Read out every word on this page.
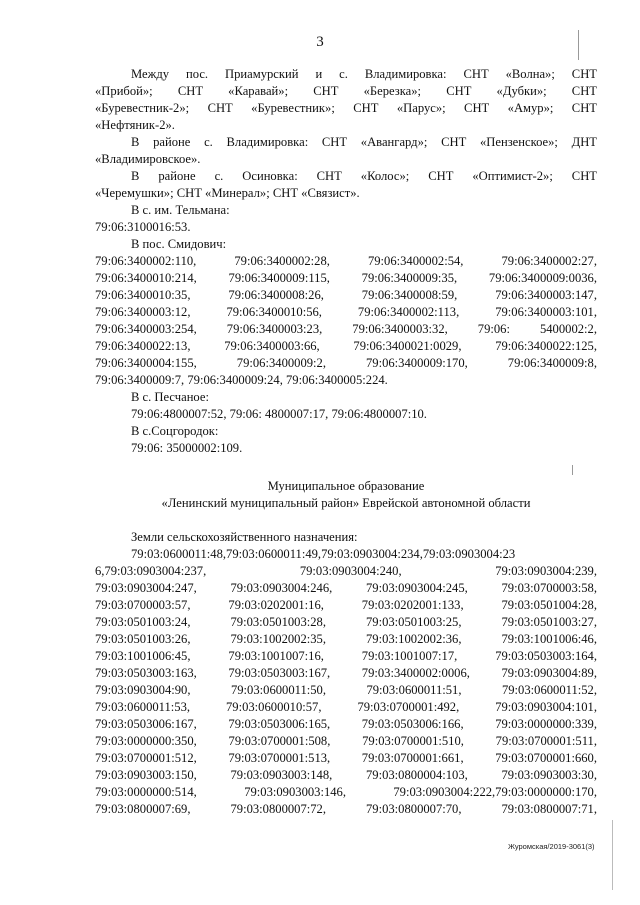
3
Между пос. Приамурский и с. Владимировка: СНТ «Волна»; СНТ
«Прибой»; СНТ «Каравай»; СНТ «Березка»; СНТ «Дубки»; СНТ
«Буревестник-2»; СНТ «Буревестник»; СНТ «Парус»; СНТ «Амур»; СНТ
«Нефтяник-2».
В районе с. Владимировка: СНТ «Авангард»; СНТ «Пензенское»; ДНТ
«Владимировское».
В районе с. Осиновка: СНТ «Колос»; СНТ «Оптимист-2»; СНТ
«Черемушки»; СНТ «Минерал»; СНТ «Связист».
В с. им. Тельмана:
79:06:3100016:53.
В пос. Смидович:
79:06:3400002:110, 79:06:3400002:28, 79:06:3400002:54, 79:06:3400002:27,
79:06:3400010:214, 79:06:3400009:115, 79:06:3400009:35, 79:06:3400009:0036,
79:06:3400010:35, 79:06:3400008:26, 79:06:3400008:59, 79:06:3400003:147,
79:06:3400003:12, 79:06:3400010:56, 79:06:3400002:113, 79:06:3400003:101,
79:06:3400003:254, 79:06:3400003:23, 79:06:3400003:32, 79:06: 5400002:2,
79:06:3400022:13, 79:06:3400003:66, 79:06:3400021:0029, 79:06:3400022:125,
79:06:3400004:155, 79:06:3400009:2, 79:06:3400009:170, 79:06:3400009:8,
79:06:3400009:7, 79:06:3400009:24, 79:06:3400005:224.
В с. Песчаное:
79:06:4800007:52, 79:06: 4800007:17, 79:06:4800007:10.
В с.Соцгородок:
79:06: 35000002:109.
Муниципальное образование
«Ленинский муниципальный район» Еврейской автономной области
Земли сельскохозяйственного назначения:
79:03:0600011:48,79:03:0600011:49,79:03:0903004:234,79:03:0903004:23
6,79:03:0903004:237, 79:03:0903004:240, 79:03:0903004:239,
79:03:0903004:247, 79:03:0903004:246, 79:03:0903004:245, 79:03:0700003:58,
79:03:0700003:57, 79:03:0202001:16, 79:03:0202001:133, 79:03:0501004:28,
79:03:0501003:24, 79:03:0501003:28, 79:03:0501003:25, 79:03:0501003:27,
79:03:0501003:26, 79:03:1002002:35, 79:03:1002002:36, 79:03:1001006:46,
79:03:1001006:45, 79:03:1001007:16, 79:03:1001007:17, 79:03:0503003:164,
79:03:0503003:163, 79:03:0503003:167, 79:03:3400002:0006, 79:03:0903004:89,
79:03:0903004:90, 79:03:0600011:50, 79:03:0600011:51, 79:03:0600011:52,
79:03:0600011:53, 79:03:0600010:57, 79:03:0700001:492, 79:03:0903004:101,
79:03:0503006:167, 79:03:0503006:165, 79:03:0503006:166, 79:03:0000000:339,
79:03:0000000:350, 79:03:0700001:508, 79:03:0700001:510, 79:03:0700001:511,
79:03:0700001:512, 79:03:0700001:513, 79:03:0700001:661, 79:03:0700001:660,
79:03:0903003:150, 79:03:0903003:148, 79:03:0800004:103, 79:03:0903003:30,
79:03:0000000:514, 79:03:0903003:146, 79:03:0903004:222,79:03:0000000:170,
79:03:0800007:69, 79:03:0800007:72, 79:03:0800007:70, 79:03:0800007:71,
Журомская/2019-3061(3)
